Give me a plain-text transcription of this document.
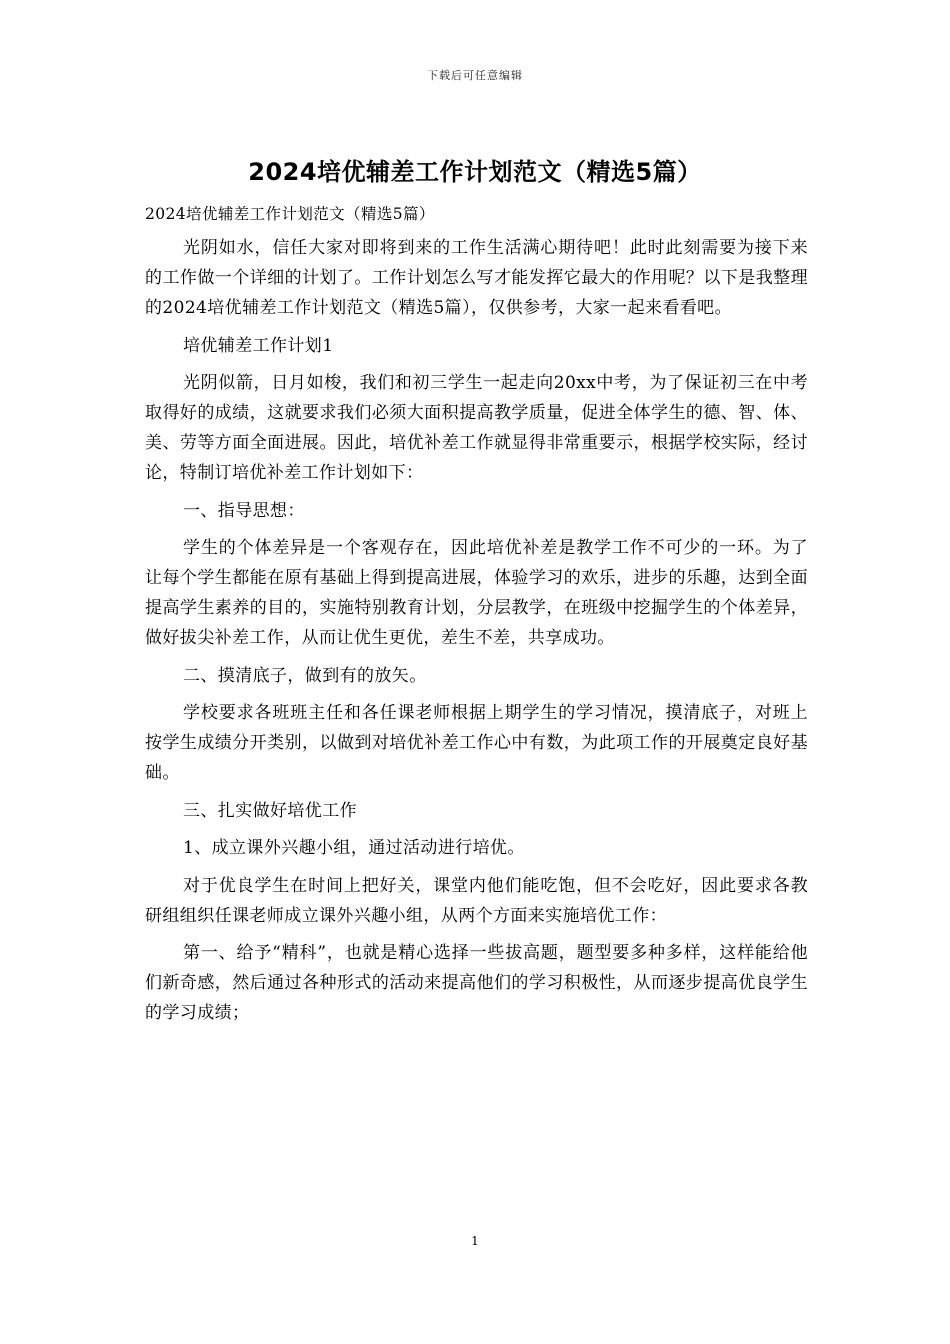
下载后可任意编辑
2024培优辅差工作计划范文（精选5篇）

2024培优辅差工作计划范文（精选5篇）

光阴如水，信任大家对即将到来的工作生活满心期待吧！此时此刻需要为接下来的工作做一个详细的计划了。工作计划怎么写才能发挥它最大的作用呢？以下是我整理的2024培优辅差工作计划范文（精选5篇），仅供参考，大家一起来看看吧。

培优辅差工作计划1

光阴似箭，日月如梭，我们和初三学生一起走向20xx中考，为了保证初三在中考取得好的成绩，这就要求我们必须大面积提高教学质量，促进全体学生的德、智、体、美、劳等方面全面进展。因此，培优补差工作就显得非常重要示，根据学校实际，经讨论，特制订培优补差工作计划如下：

一、指导思想：

学生的个体差异是一个客观存在，因此培优补差是教学工作不可少的一环。为了让每个学生都能在原有基础上得到提高进展，体验学习的欢乐，进步的乐趣，达到全面提高学生素养的目的，实施特别教育计划，分层教学，在班级中挖掘学生的个体差异，做好拔尖补差工作，从而让优生更优，差生不差，共享成功。

二、摸清底子，做到有的放矢。

学校要求各班班主任和各任课老师根据上期学生的学习情况，摸清底子，对班上按学生成绩分开类别，以做到对培优补差工作心中有数，为此项工作的开展奠定良好基础。

三、扎实做好培优工作

1、成立课外兴趣小组，通过活动进行培优。

对于优良学生在时间上把好关，课堂内他们能吃饱，但不会吃好，因此要求各教研组组织任课老师成立课外兴趣小组，从两个方面来实施培优工作：

第一、给予“精科”，也就是精心选择一些拔高题，题型要多种多样，这样能给他们新奇感，然后通过各种形式的活动来提高他们的学习积极性，从而逐步提高优良学生的学习成绩；

1
